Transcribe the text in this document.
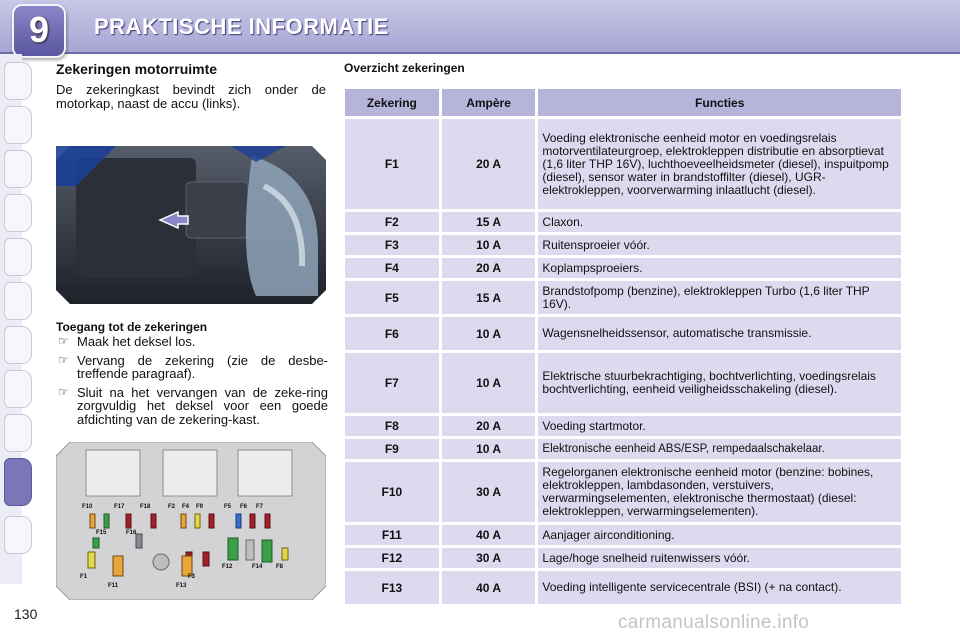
9	PRAKTISCHE INFORMATIE
130
Zekeringen motorruimte
De zekeringkast bevindt zich onder de motorkap, naast de accu (links).
Toegang tot de zekeringen
☞ Maak het deksel los.
☞ Vervang de zekering (zie de desbe-treffende paragraaf).
☞ Sluit na het vervangen van de zeke-ring zorgvuldig het deksel voor een goede afdichting van de zekering-kast.
F10	F17	F18	F2 F4 F9	F5 F6 F7
F15	F16
F1
F11	F13
F3
F12	F14 F8
Overzicht zekeringen
Zekering	Ampère	Functies
F1	20 A	Voeding elektronische eenheid motor en voedingsrelais motorventilateurgroep, elektrokleppen distributie en absorptievat (1,6 liter THP 16V), luchthoeveelheidsmeter (diesel), inspuitpomp (diesel), sensor water in brandstoffilter (diesel), UGR-elektrokleppen, voorverwarming inlaatlucht (diesel).
F2	15 A	Claxon.
F3	10 A	Ruitensproeier vóór.
F4	20 A	Koplampsproeiers.
F5	15 A	Brandstofpomp (benzine), elektrokleppen Turbo (1,6 liter THP 16V).
F6	10 A	Wagensnelheidssensor, automatische transmissie.
F7	10 A	Elektrische stuurbekrachtiging, bochtverlichting, voedingsrelais bochtverlichting, eenheid veiligheidsschakeling (diesel).
F8	20 A	Voeding startmotor.
F9	10 A	Elektronische eenheid ABS/ESP, rempedaalschakelaar.
F10	30 A	Regelorganen elektronische eenheid motor (benzine: bobines, elektrokleppen, lambdasonden, verstuivers, verwarmingselementen, elektronische thermostaat) (diesel: elektrokleppen, verwarmingselementen).
F11	40 A	Aanjager airconditioning.
F12	30 A	Lage/hoge snelheid ruitenwissers vóór.
F13	40 A	Voeding intelligente servicecentrale (BSI) (+ na contact).
carmanualsonline.info
